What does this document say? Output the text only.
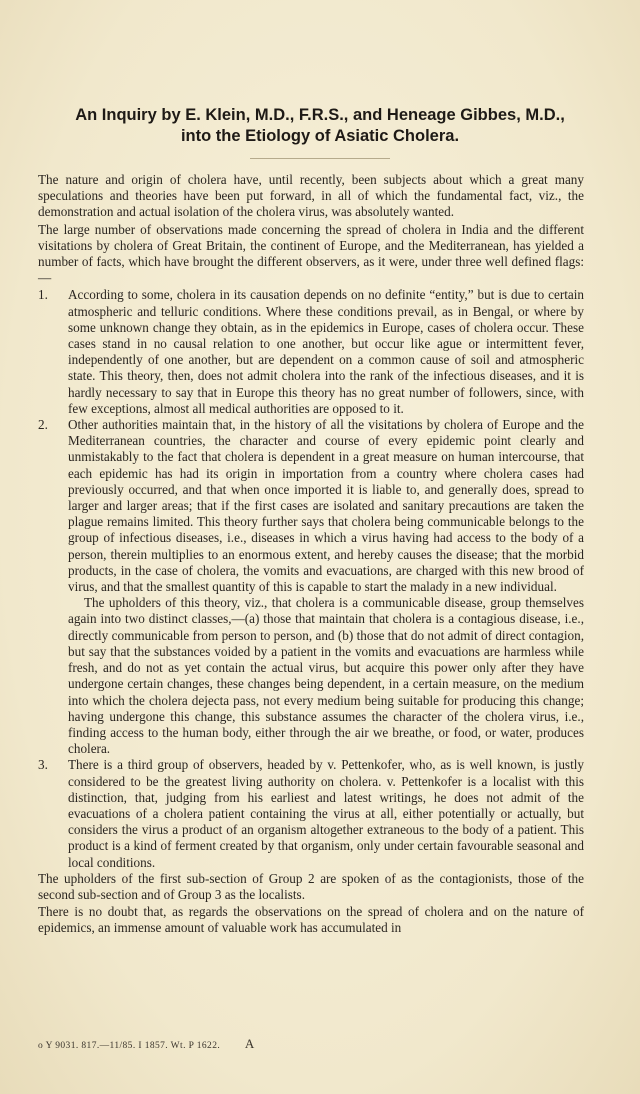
An Inquiry by E. Klein, M.D., F.R.S., and Heneage Gibbes, M.D.,
into the Etiology of Asiatic Cholera.

The nature and origin of cholera have, until recently, been subjects about which a great many speculations and theories have been put forward, in all of which the fundamental fact, viz., the demonstration and actual isolation of the cholera virus, was absolutely wanted.

The large number of observations made concerning the spread of cholera in India and the different visitations by cholera of Great Britain, the continent of Europe, and the Mediterranean, has yielded a number of facts, which have brought the different observers, as it were, under three well defined flags:—

1. According to some, cholera in its causation depends on no definite “entity,” but is due to certain atmospheric and telluric conditions. Where these conditions prevail, as in Bengal, or where by some unknown change they obtain, as in the epidemics in Europe, cases of cholera occur. These cases stand in no causal relation to one another, but occur like ague or intermittent fever, independently of one another, but are dependent on a common cause of soil and atmospheric state. This theory, then, does not admit cholera into the rank of the infectious diseases, and it is hardly necessary to say that in Europe this theory has no great number of followers, since, with few exceptions, almost all medical authorities are opposed to it.
2. Other authorities maintain that, in the history of all the visitations by cholera of Europe and the Mediterranean countries, the character and course of every epidemic point clearly and unmistakably to the fact that cholera is dependent in a great measure on human intercourse, that each epidemic has had its origin in importation from a country where cholera cases had previously occurred, and that when once imported it is liable to, and generally does, spread to larger and larger areas; that if the first cases are isolated and sanitary precautions are taken the plague remains limited. This theory further says that cholera being communicable belongs to the group of infectious diseases, i.e., diseases in which a virus having had access to the body of a person, therein multiplies to an enormous extent, and hereby causes the disease; that the morbid products, in the case of cholera, the vomits and evacuations, are charged with this new brood of virus, and that the smallest quantity of this is capable to start the malady in a new individual.

The upholders of this theory, viz., that cholera is a communicable disease, group themselves again into two distinct classes,—(a) those that maintain that cholera is a contagious disease, i.e., directly communicable from person to person, and (b) those that do not admit of direct contagion, but say that the substances voided by a patient in the vomits and evacuations are harmless while fresh, and do not as yet contain the actual virus, but acquire this power only after they have undergone certain changes, these changes being dependent, in a certain measure, on the medium into which the cholera dejecta pass, not every medium being suitable for producing this change; having undergone this change, this substance assumes the character of the cholera virus, i.e., finding access to the human body, either through the air we breathe, or food, or water, produces cholera.

3. There is a third group of observers, headed by v. Pettenkofer, who, as is well known, is justly considered to be the greatest living authority on cholera. v. Pettenkofer is a localist with this distinction, that, judging from his earliest and latest writings, he does not admit of the evacuations of a cholera patient containing the virus at all, either potentially or actually, but considers the virus a product of an organism altogether extraneous to the body of a patient. This product is a kind of ferment created by that organism, only under certain favourable seasonal and local conditions.

The upholders of the first sub-section of Group 2 are spoken of as the contagionists, those of the second sub-section and of Group 3 as the localists.

There is no doubt that, as regards the observations on the spread of cholera and on the nature of epidemics, an immense amount of valuable work has accumulated in

o Y 9031. 817.—11/85. I 1857. Wt. P 1622. A
